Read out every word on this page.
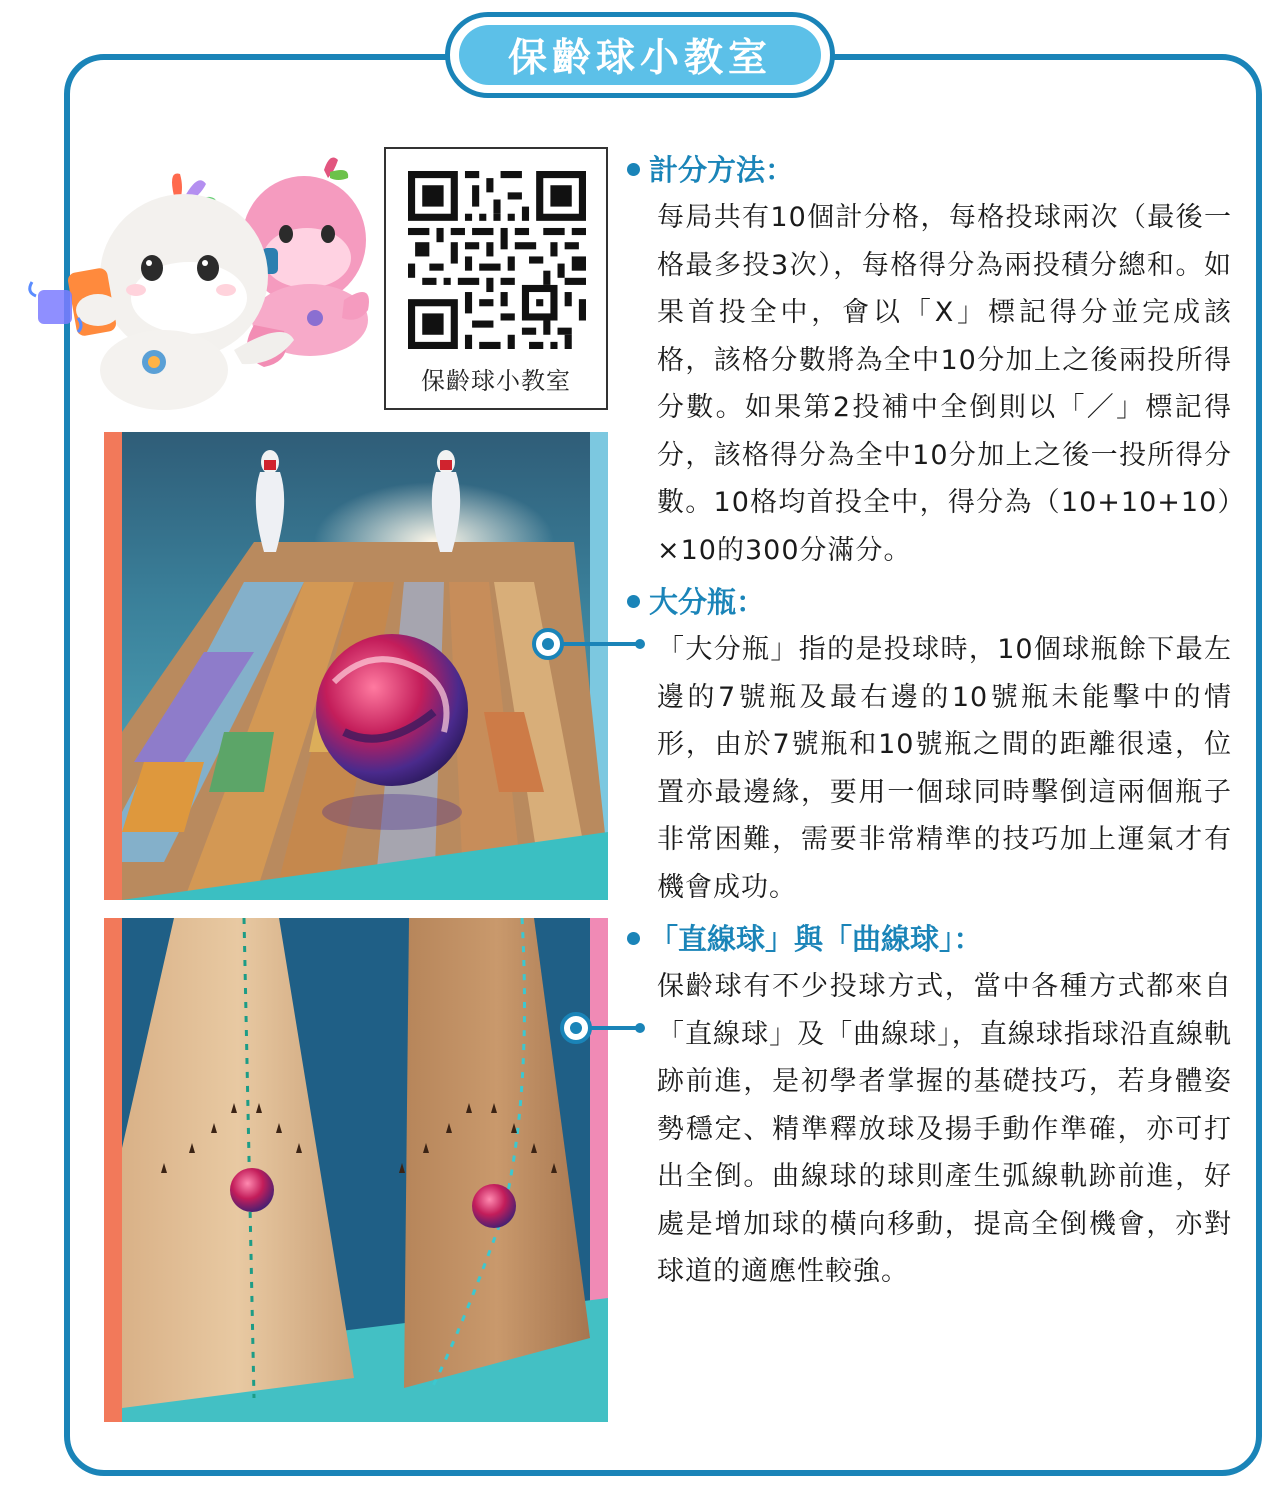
保齡球小教室
保齡球小教室
計分方法：

每局共有10個計分格，每格投球兩次（最後一格最多投3次），每格得分為兩投積分總和。如果首投全中，會以「X」標記得分並完成該格，該格分數將為全中10分加上之後兩投所得分數。如果第2投補中全倒則以「／」標記得分，該格得分為全中10分加上之後一投所得分數。10格均首投全中，得分為（10+10+10）×10的300分滿分。

大分瓶：

「大分瓶」指的是投球時，10個球瓶餘下最左邊的7號瓶及最右邊的10號瓶未能擊中的情形，由於7號瓶和10號瓶之間的距離很遠，位置亦最邊緣，要用一個球同時擊倒這兩個瓶子非常困難，需要非常精準的技巧加上運氣才有機會成功。

「直線球」與「曲線球」：

保齡球有不少投球方式，當中各種方式都來自「直線球」及「曲線球」，直線球指球沿直線軌跡前進，是初學者掌握的基礎技巧，若身體姿勢穩定、精準釋放球及揚手動作準確，亦可打出全倒。曲線球的球則產生弧線軌跡前進，好處是增加球的橫向移動，提高全倒機會，亦對球道的適應性較強。
